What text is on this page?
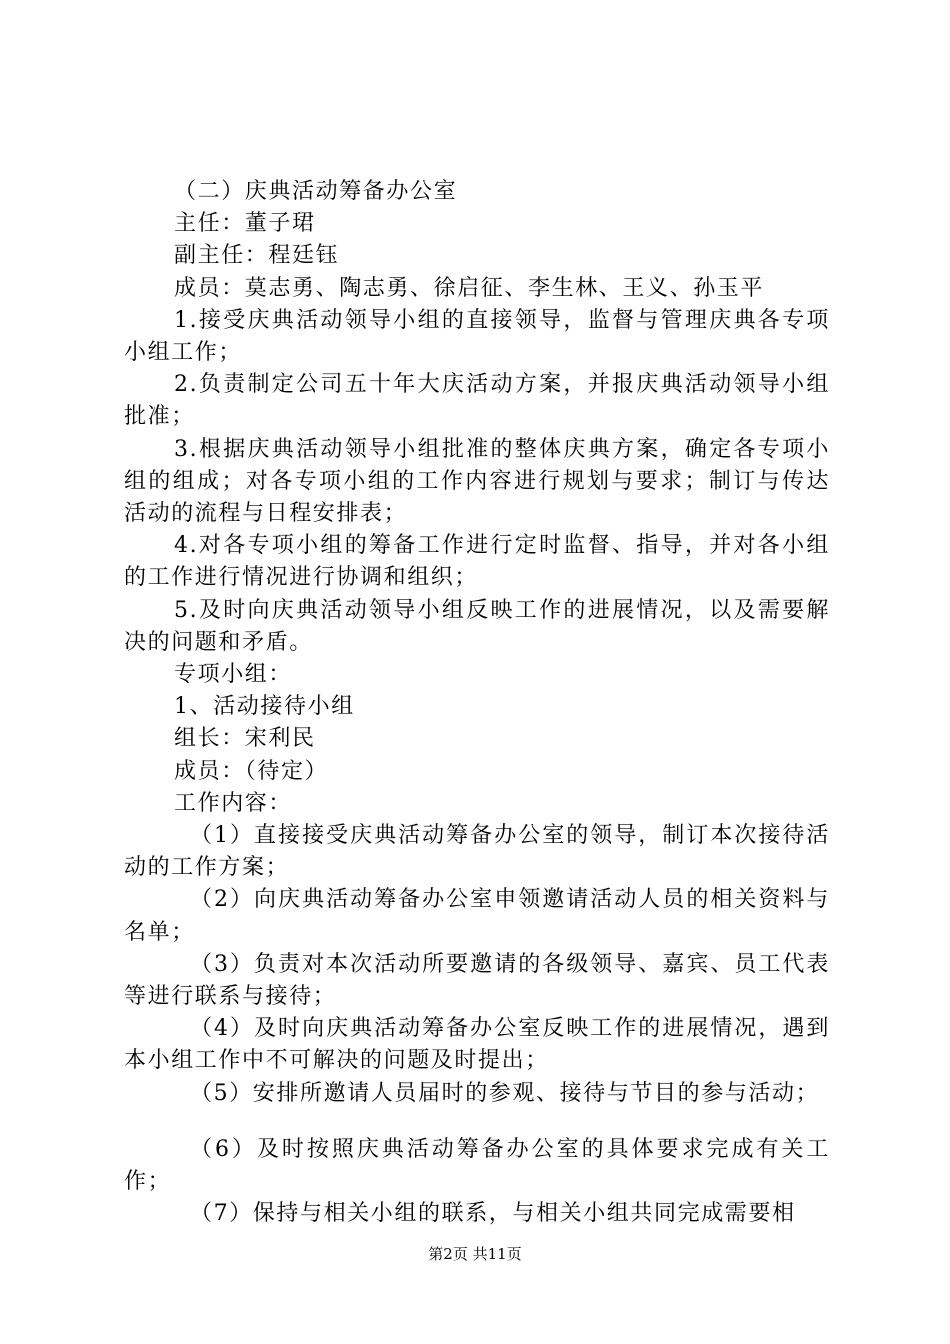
（二）庆典活动筹备办公室

主任：董子珺

副主任：程廷钰

成员：莫志勇、陶志勇、徐启征、李生林、王义、孙玉平

1.接受庆典活动领导小组的直接领导，监督与管理庆典各专项小组工作；

2.负责制定公司五十年大庆活动方案，并报庆典活动领导小组批准；

3.根据庆典活动领导小组批准的整体庆典方案，确定各专项小组的组成；对各专项小组的工作内容进行规划与要求；制订与传达活动的流程与日程安排表；

4.对各专项小组的筹备工作进行定时监督、指导，并对各小组的工作进行情况进行协调和组织；

5.及时向庆典活动领导小组反映工作的进展情况，以及需要解决的问题和矛盾。

专项小组：

1、活动接待小组

组长：宋利民

成员：（待定）

工作内容：

（1）直接接受庆典活动筹备办公室的领导，制订本次接待活动的工作方案；

（2）向庆典活动筹备办公室申领邀请活动人员的相关资料与名单；

（3）负责对本次活动所要邀请的各级领导、嘉宾、员工代表等进行联系与接待；

（4）及时向庆典活动筹备办公室反映工作的进展情况，遇到本小组工作中不可解决的问题及时提出；

（5）安排所邀请人员届时的参观、接待与节目的参与活动；

（6）及时按照庆典活动筹备办公室的具体要求完成有关工作；

（7）保持与相关小组的联系，与相关小组共同完成需要相

第2页 共11页
